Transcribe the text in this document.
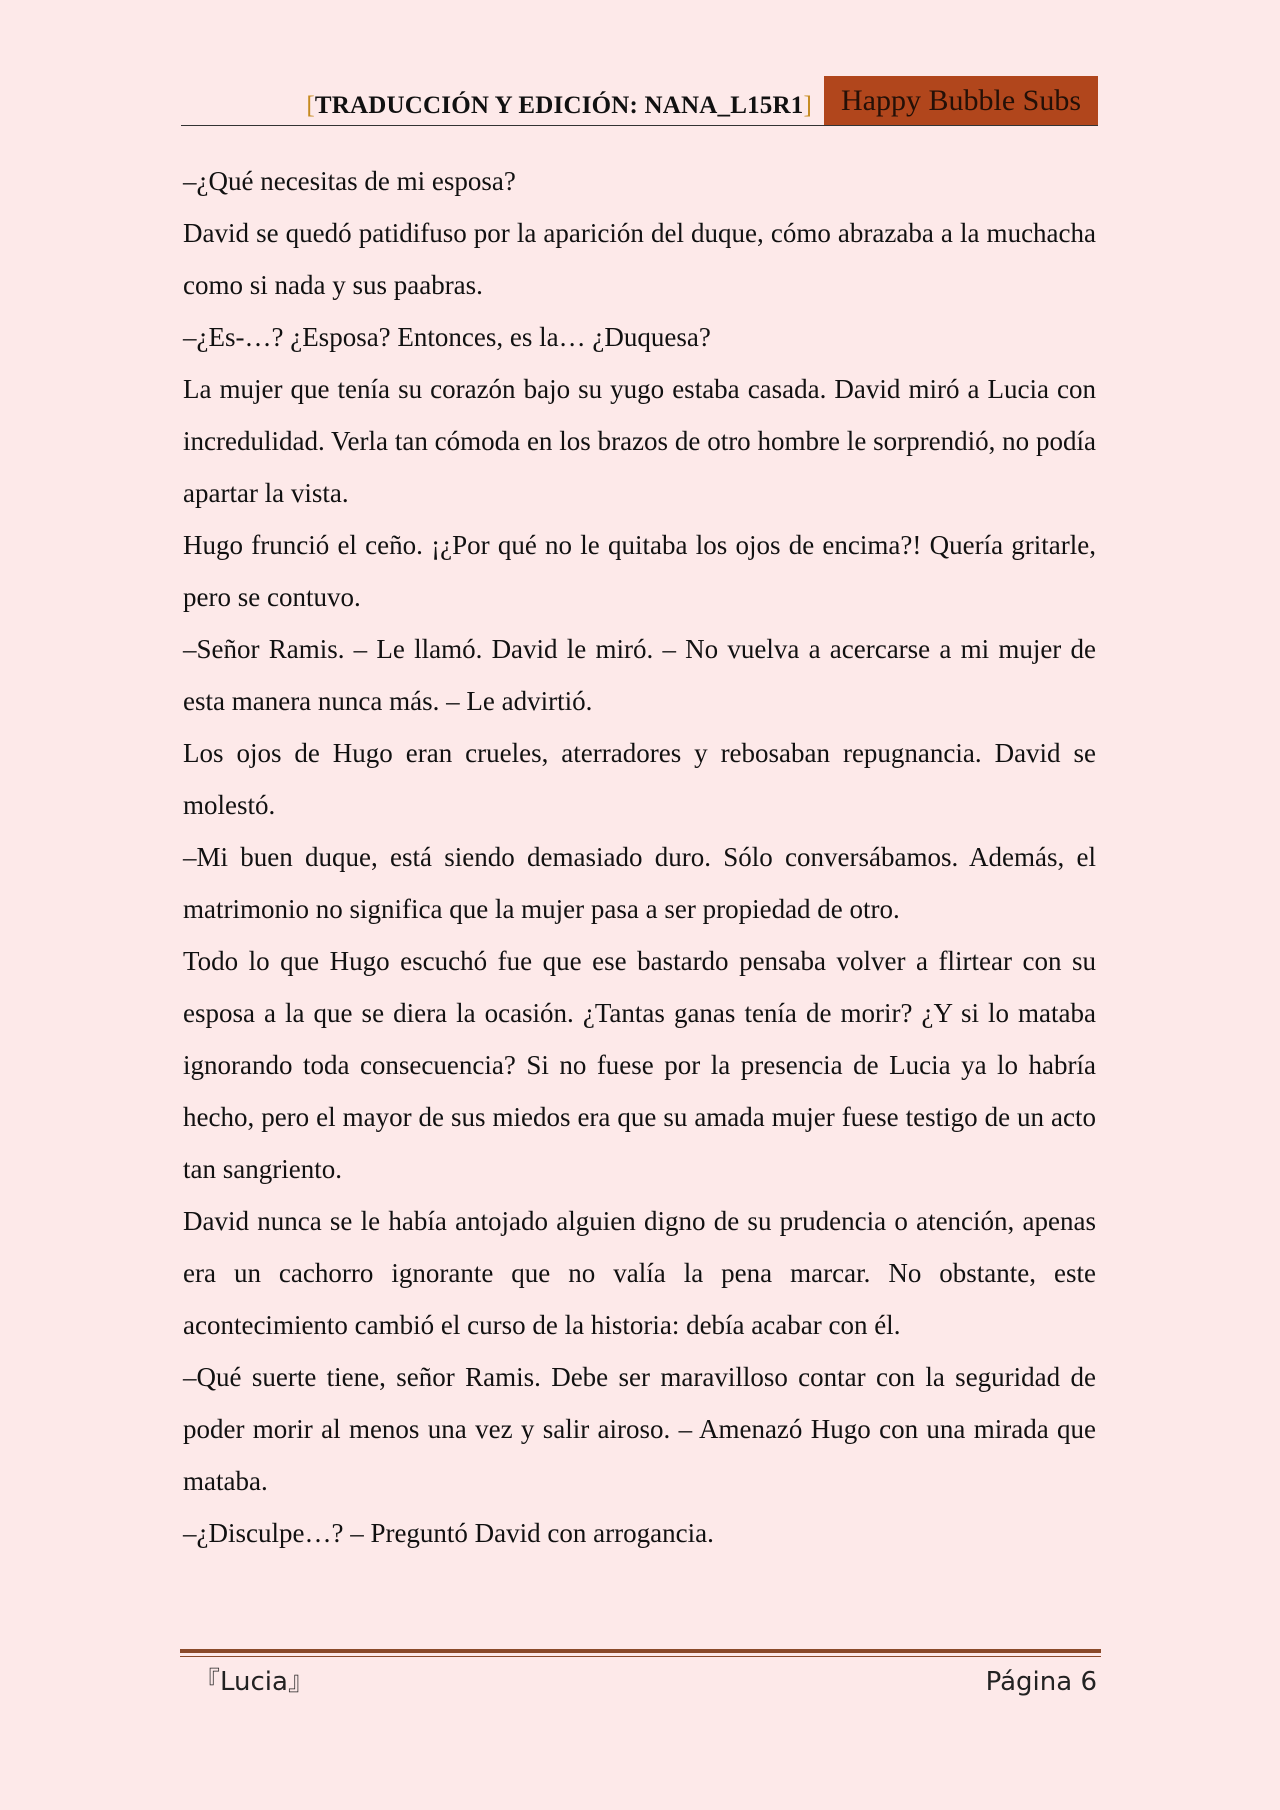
[TRADUCCIÓN Y EDICIÓN: NANA_L15R1] Happy Bubble Subs

–¿Qué necesitas de mi esposa?

David se quedó patidifuso por la aparición del duque, cómo abrazaba a la muchacha como si nada y sus paabras.

–¿Es-…? ¿Esposa? Entonces, es la… ¿Duquesa?

La mujer que tenía su corazón bajo su yugo estaba casada. David miró a Lucia con incredulidad. Verla tan cómoda en los brazos de otro hombre le sorprendió, no podía apartar la vista.

Hugo frunció el ceño. ¡¿Por qué no le quitaba los ojos de encima?! Quería gritarle, pero se contuvo.

–Señor Ramis. – Le llamó. David le miró. – No vuelva a acercarse a mi mujer de esta manera nunca más. – Le advirtió.

Los ojos de Hugo eran crueles, aterradores y rebosaban repugnancia. David se molestó.

–Mi buen duque, está siendo demasiado duro. Sólo conversábamos. Además, el matrimonio no significa que la mujer pasa a ser propiedad de otro.

Todo lo que Hugo escuchó fue que ese bastardo pensaba volver a flirtear con su esposa a la que se diera la ocasión. ¿Tantas ganas tenía de morir? ¿Y si lo mataba ignorando toda consecuencia? Si no fuese por la presencia de Lucia ya lo habría hecho, pero el mayor de sus miedos era que su amada mujer fuese testigo de un acto tan sangriento.

David nunca se le había antojado alguien digno de su prudencia o atención, apenas era un cachorro ignorante que no valía la pena marcar. No obstante, este acontecimiento cambió el curso de la historia: debía acabar con él.

–Qué suerte tiene, señor Ramis. Debe ser maravilloso contar con la seguridad de poder morir al menos una vez y salir airoso. – Amenazó Hugo con una mirada que mataba.

–¿Disculpe…? – Preguntó David con arrogancia.

『Lucia』	Página 6
